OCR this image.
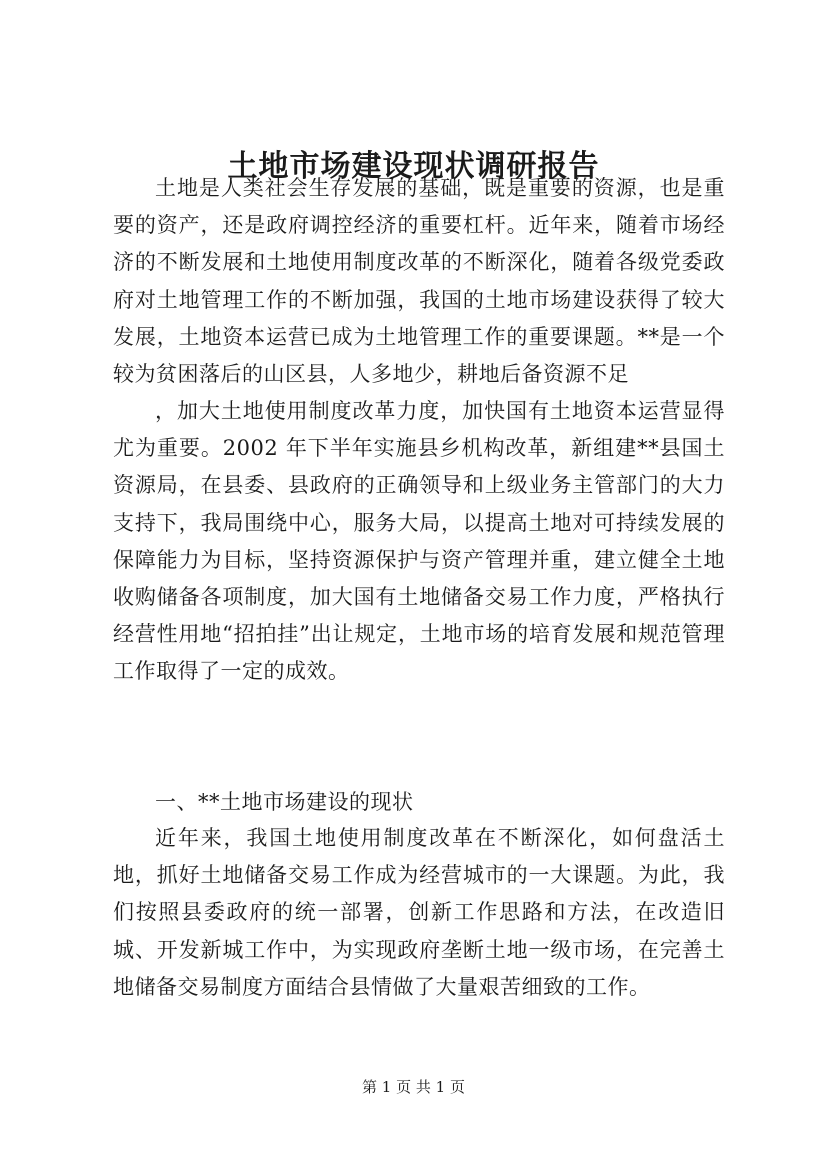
土地市场建设现状调研报告

土地是人类社会生存发展的基础，既是重要的资源，也是重要的资产，还是政府调控经济的重要杠杆。近年来，随着市场经济的不断发展和土地使用制度改革的不断深化，随着各级党委政府对土地管理工作的不断加强，我国的土地市场建设获得了较大发展，土地资本运营已成为土地管理工作的重要课题。**是一个较为贫困落后的山区县，人多地少，耕地后备资源不足

，加大土地使用制度改革力度，加快国有土地资本运营显得尤为重要。2002 年下半年实施县乡机构改革，新组建**县国土资源局，在县委、县政府的正确领导和上级业务主管部门的大力支持下，我局围绕中心，服务大局，以提高土地对可持续发展的保障能力为目标，坚持资源保护与资产管理并重，建立健全土地收购储备各项制度，加大国有土地储备交易工作力度，严格执行经营性用地“招拍挂”出让规定，土地市场的培育发展和规范管理工作取得了一定的成效。

一、**土地市场建设的现状

近年来，我国土地使用制度改革在不断深化，如何盘活土地，抓好土地储备交易工作成为经营城市的一大课题。为此，我们按照县委政府的统一部署，创新工作思路和方法，在改造旧城、开发新城工作中，为实现政府垄断土地一级市场，在完善土地储备交易制度方面结合县情做了大量艰苦细致的工作。

第 1 页 共 1 页
